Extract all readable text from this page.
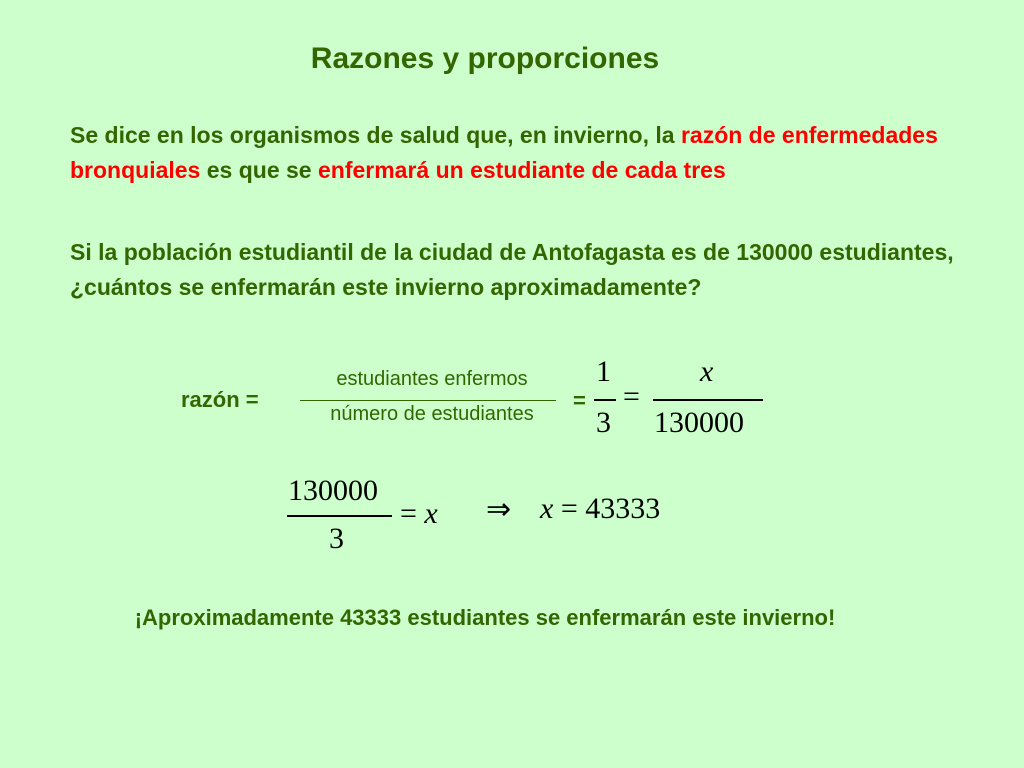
Razones y proporciones
Se dice en los organismos de salud que, en invierno, la razón de enfermedades bronquiales es que se enfermará un estudiante de cada tres
Si la población estudiantil de la ciudad de Antofagasta es de 130000 estudiantes, ¿cuántos se enfermarán este invierno aproximadamente?
razón =
estudiantes enfermos
número de estudiantes
=
1
3
=
x
130000
130000
3
= x ⇒ x = 43333
¡Aproximadamente 43333 estudiantes se enfermarán este invierno!
